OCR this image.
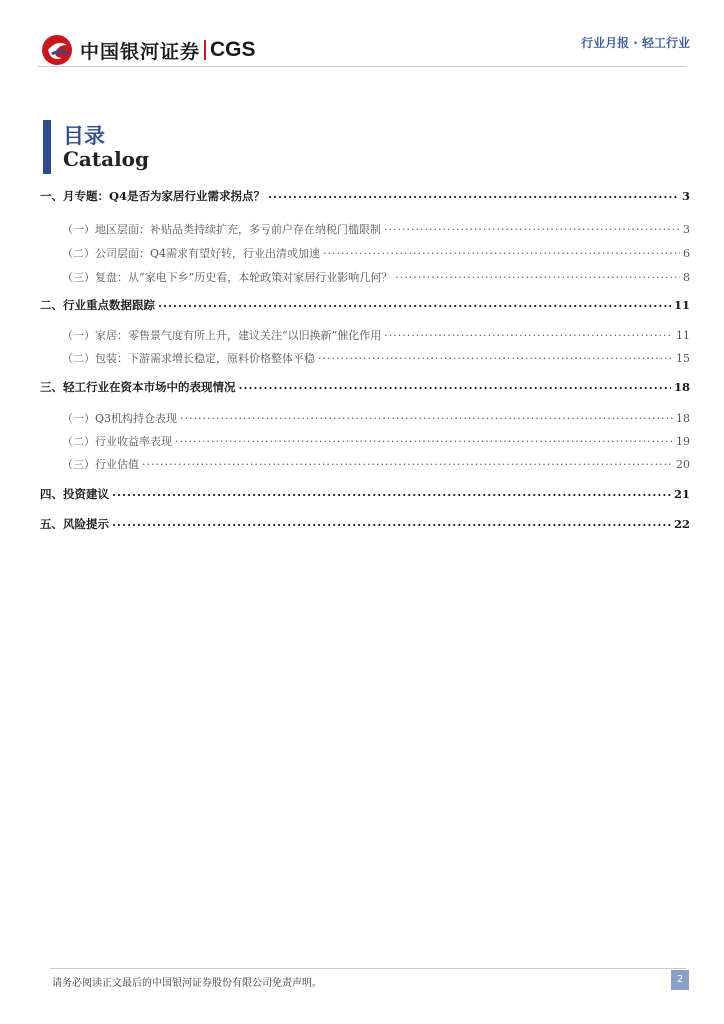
中国银河证券 CGS	行业月报 · 轻工行业
目录
Catalog
一、 月专题：Q4是否为家居行业需求拐点？ .....	3
（一） 地区层面：补贴品类持续扩充，多亏前户存在纳税门槛限制 .....	3
（二） 公司层面：Q4需求有望好转，行业出清或加速 .....	6
（三） 复盘：从“家电下乡”历史看，本轮政策对家居行业影响几何？ .....	8
二、 行业重点数据跟踪 .....	11
（一） 家居：零售景气度有所上升，建议关注“以旧换新”催化作用 .....	11
（二） 包装：下游需求增长稳定，原料价格整体平稳 .....	15
三、 轻工行业在资本市场中的表现情况 .....	18
（一） Q3机构持仓表现 .....	18
（二） 行业收益率表现 .....	19
（三） 行业估值 .....	20
四、 投资建议 .....	21
五、 风险提示 .....	22
请务必阅读正文最后的中国银河证券股份有限公司免责声明。	2
